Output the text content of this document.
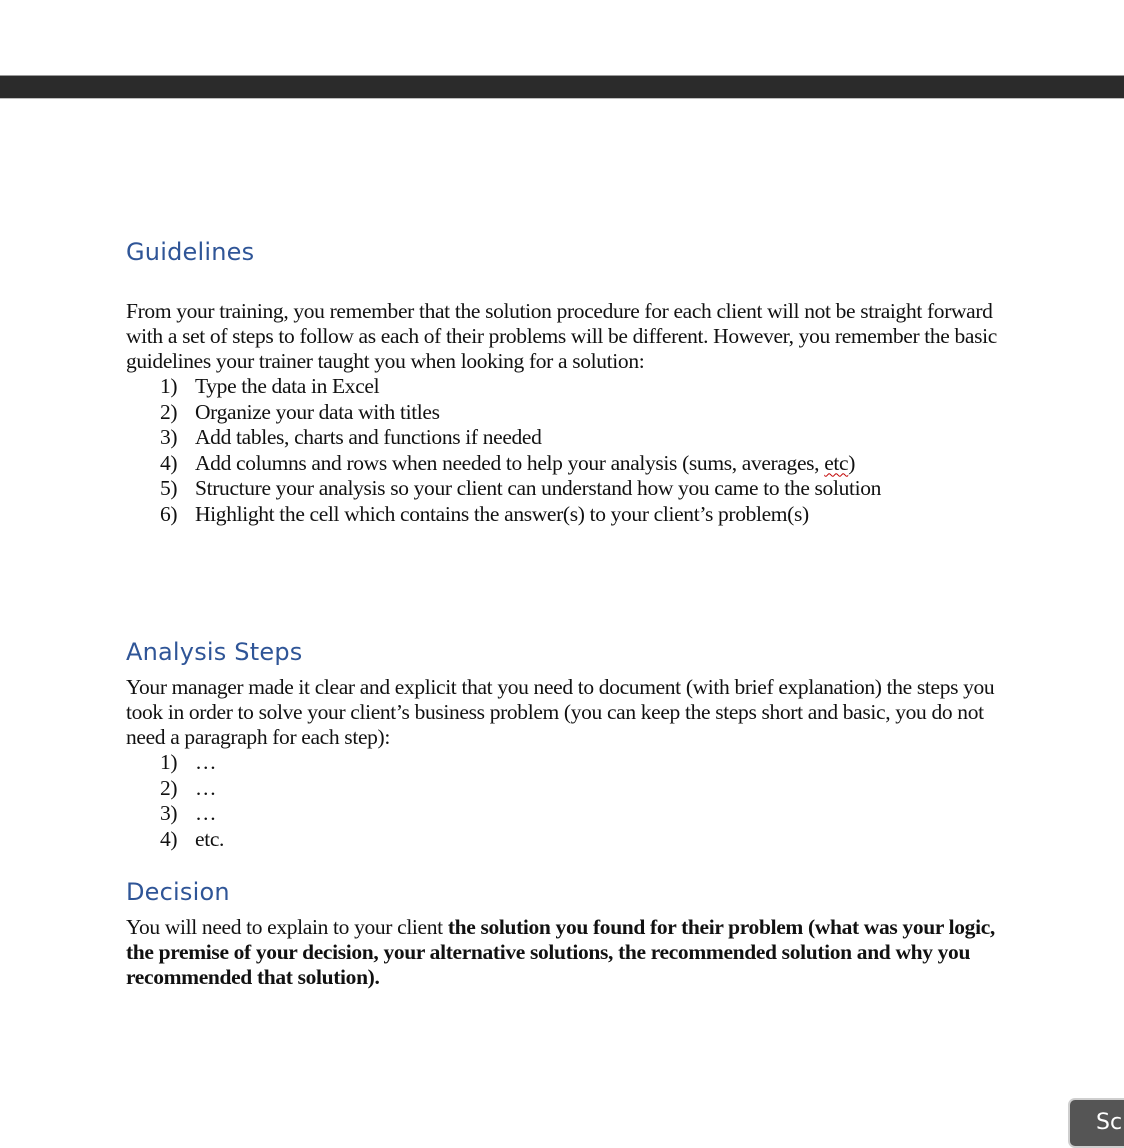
Guidelines

From your training, you remember that the solution procedure for each client will not be straight forward with a set of steps to follow as each of their problems will be different. However, you remember the basic guidelines your trainer taught you when looking for a solution:

1) Type the data in Excel
2) Organize your data with titles
3) Add tables, charts and functions if needed
4) Add columns and rows when needed to help your analysis (sums, averages, etc)
5) Structure your analysis so your client can understand how you came to the solution
6) Highlight the cell which contains the answer(s) to your client’s problem(s)
Analysis Steps

Your manager made it clear and explicit that you need to document (with brief explanation) the steps you took in order to solve your client’s business problem (you can keep the steps short and basic, you do not need a paragraph for each step):

1) …
2) …
3) …
4) etc.
Decision

You will need to explain to your client the solution you found for their problem (what was your logic, the premise of your decision, your alternative solutions, the recommended solution and why you recommended that solution).

Sc
